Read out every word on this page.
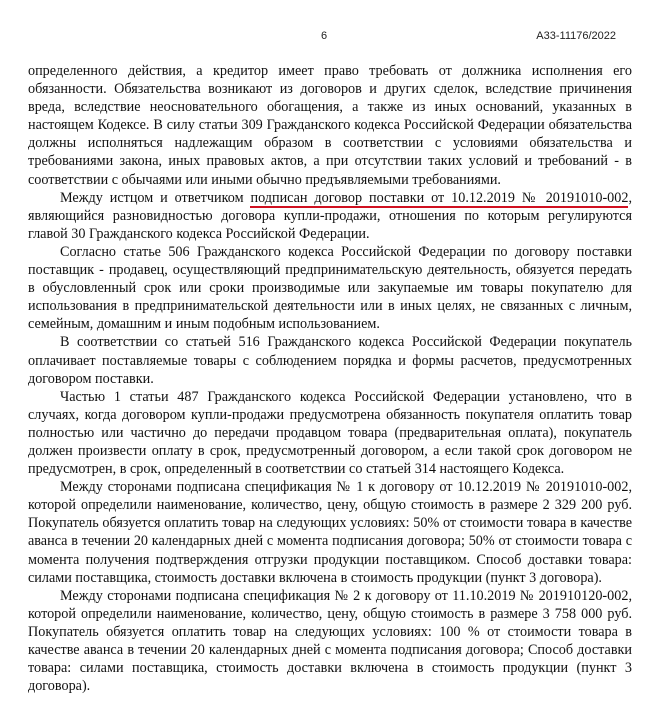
6	А33-11176/2022

определенного действия, а кредитор имеет право требовать от должника исполнения его обязанности. Обязательства возникают из договоров и других сделок, вследствие причинения вреда, вследствие неосновательного обогащения, а также из иных оснований, указанных в настоящем Кодексе. В силу статьи 309 Гражданского кодекса Российской Федерации обязательства должны исполняться надлежащим образом в соответствии с условиями обязательства и требованиями закона, иных правовых актов, а при отсутствии таких условий и требований - в соответствии с обычаями или иными обычно предъявляемыми требованиями.

Между истцом и ответчиком подписан договор поставки от 10.12.2019 № 20191010-002, являющийся разновидностью договора купли-продажи, отношения по которым регулируются главой 30 Гражданского кодекса Российской Федерации.

Согласно статье 506 Гражданского кодекса Российской Федерации по договору поставки поставщик - продавец, осуществляющий предпринимательскую деятельность, обязуется передать в обусловленный срок или сроки производимые или закупаемые им товары покупателю для использования в предпринимательской деятельности или в иных целях, не связанных с личным, семейным, домашним и иным подобным использованием.

В соответствии со статьей 516 Гражданского кодекса Российской Федерации покупатель оплачивает поставляемые товары с соблюдением порядка и формы расчетов, предусмотренных договором поставки.

Частью 1 статьи 487 Гражданского кодекса Российской Федерации установлено, что в случаях, когда договором купли-продажи предусмотрена обязанность покупателя оплатить товар полностью или частично до передачи продавцом товара (предварительная оплата), покупатель должен произвести оплату в срок, предусмотренный договором, а если такой срок договором не предусмотрен, в срок, определенный в соответствии со статьей 314 настоящего Кодекса.

Между сторонами подписана спецификация № 1 к договору от 10.12.2019 № 20191010-002, которой определили наименование, количество, цену, общую стоимость в размере 2 329 200 руб. Покупатель обязуется оплатить товар на следующих условиях: 50% от стоимости товара в качестве аванса в течении 20 календарных дней с момента подписания договора; 50% от стоимости товара с момента получения подтверждения отгрузки продукции поставщиком. Способ доставки товара: силами поставщика, стоимость доставки включена в стоимость продукции (пункт 3 договора).

Между сторонами подписана спецификация № 2 к договору от 11.10.2019 № 201910120-002, которой определили наименование, количество, цену, общую стоимость в размере 3 758 000 руб. Покупатель обязуется оплатить товар на следующих условиях: 100 % от стоимости товара в качестве аванса в течении 20 календарных дней с момента подписания договора; Способ доставки товара: силами поставщика, стоимость доставки включена в стоимость продукции (пункт 3 договора).
